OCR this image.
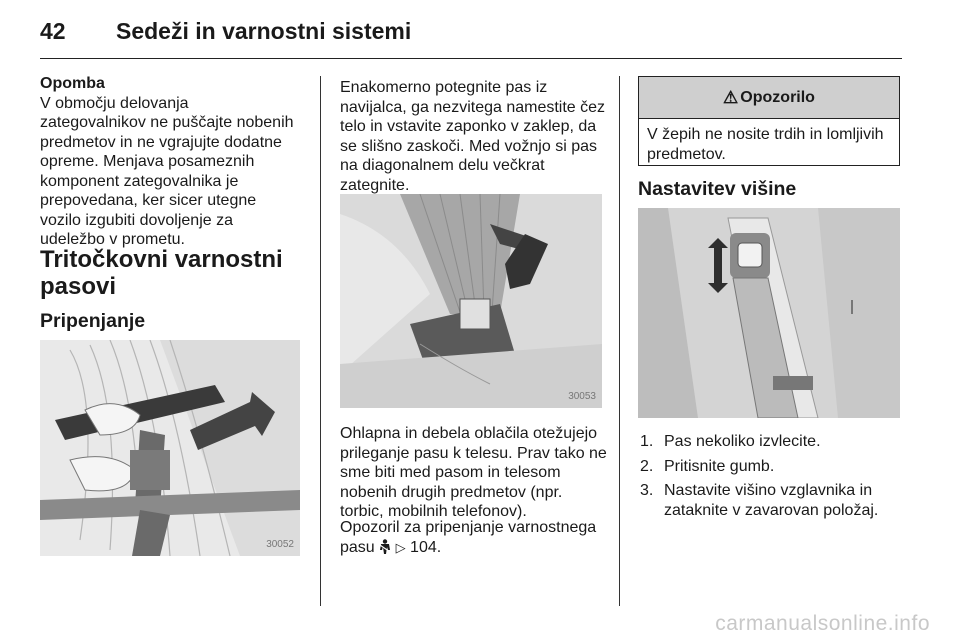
42 Sedeži in varnostni sistemi
Opomba
V območju delovanja
zategovalnikov ne puščajte nobenih
predmetov in ne vgrajujte dodatne
opreme. Menjava posameznih
komponent zategovalnika je
prepovedana, ker sicer utegne
vozilo izgubiti dovoljenje za
udeležbo v prometu.
Tritočkovni varnostni
pasovi
Pripenjanje
30052
Enakomerno potegnite pas iz
navijalca, ga nezvitega namestite čez
telo in vstavite zaponko v zaklep, da
se slišno zaskoči. Med vožnjo si pas
na diagonalnem delu večkrat
zategnite.
30053
Ohlapna in debela oblačila otežujejo
prileganje pasu k telesu. Prav tako ne
sme biti med pasom in telesom
nobenih drugih predmetov (npr.
torbic, mobilnih telefonov).
Opozoril za pripenjanje varnostnega
pasu  ▷ 104.
⚠ Opozorilo
V žepih ne nosite trdih in lomljivih
predmetov.
Nastavitev višine
1. Pas nekoliko izvlecite.
2. Pritisnite gumb.
3. Nastavite višino vzglavnika in
zataknite v zavarovan položaj.
carmanualsonline.info
